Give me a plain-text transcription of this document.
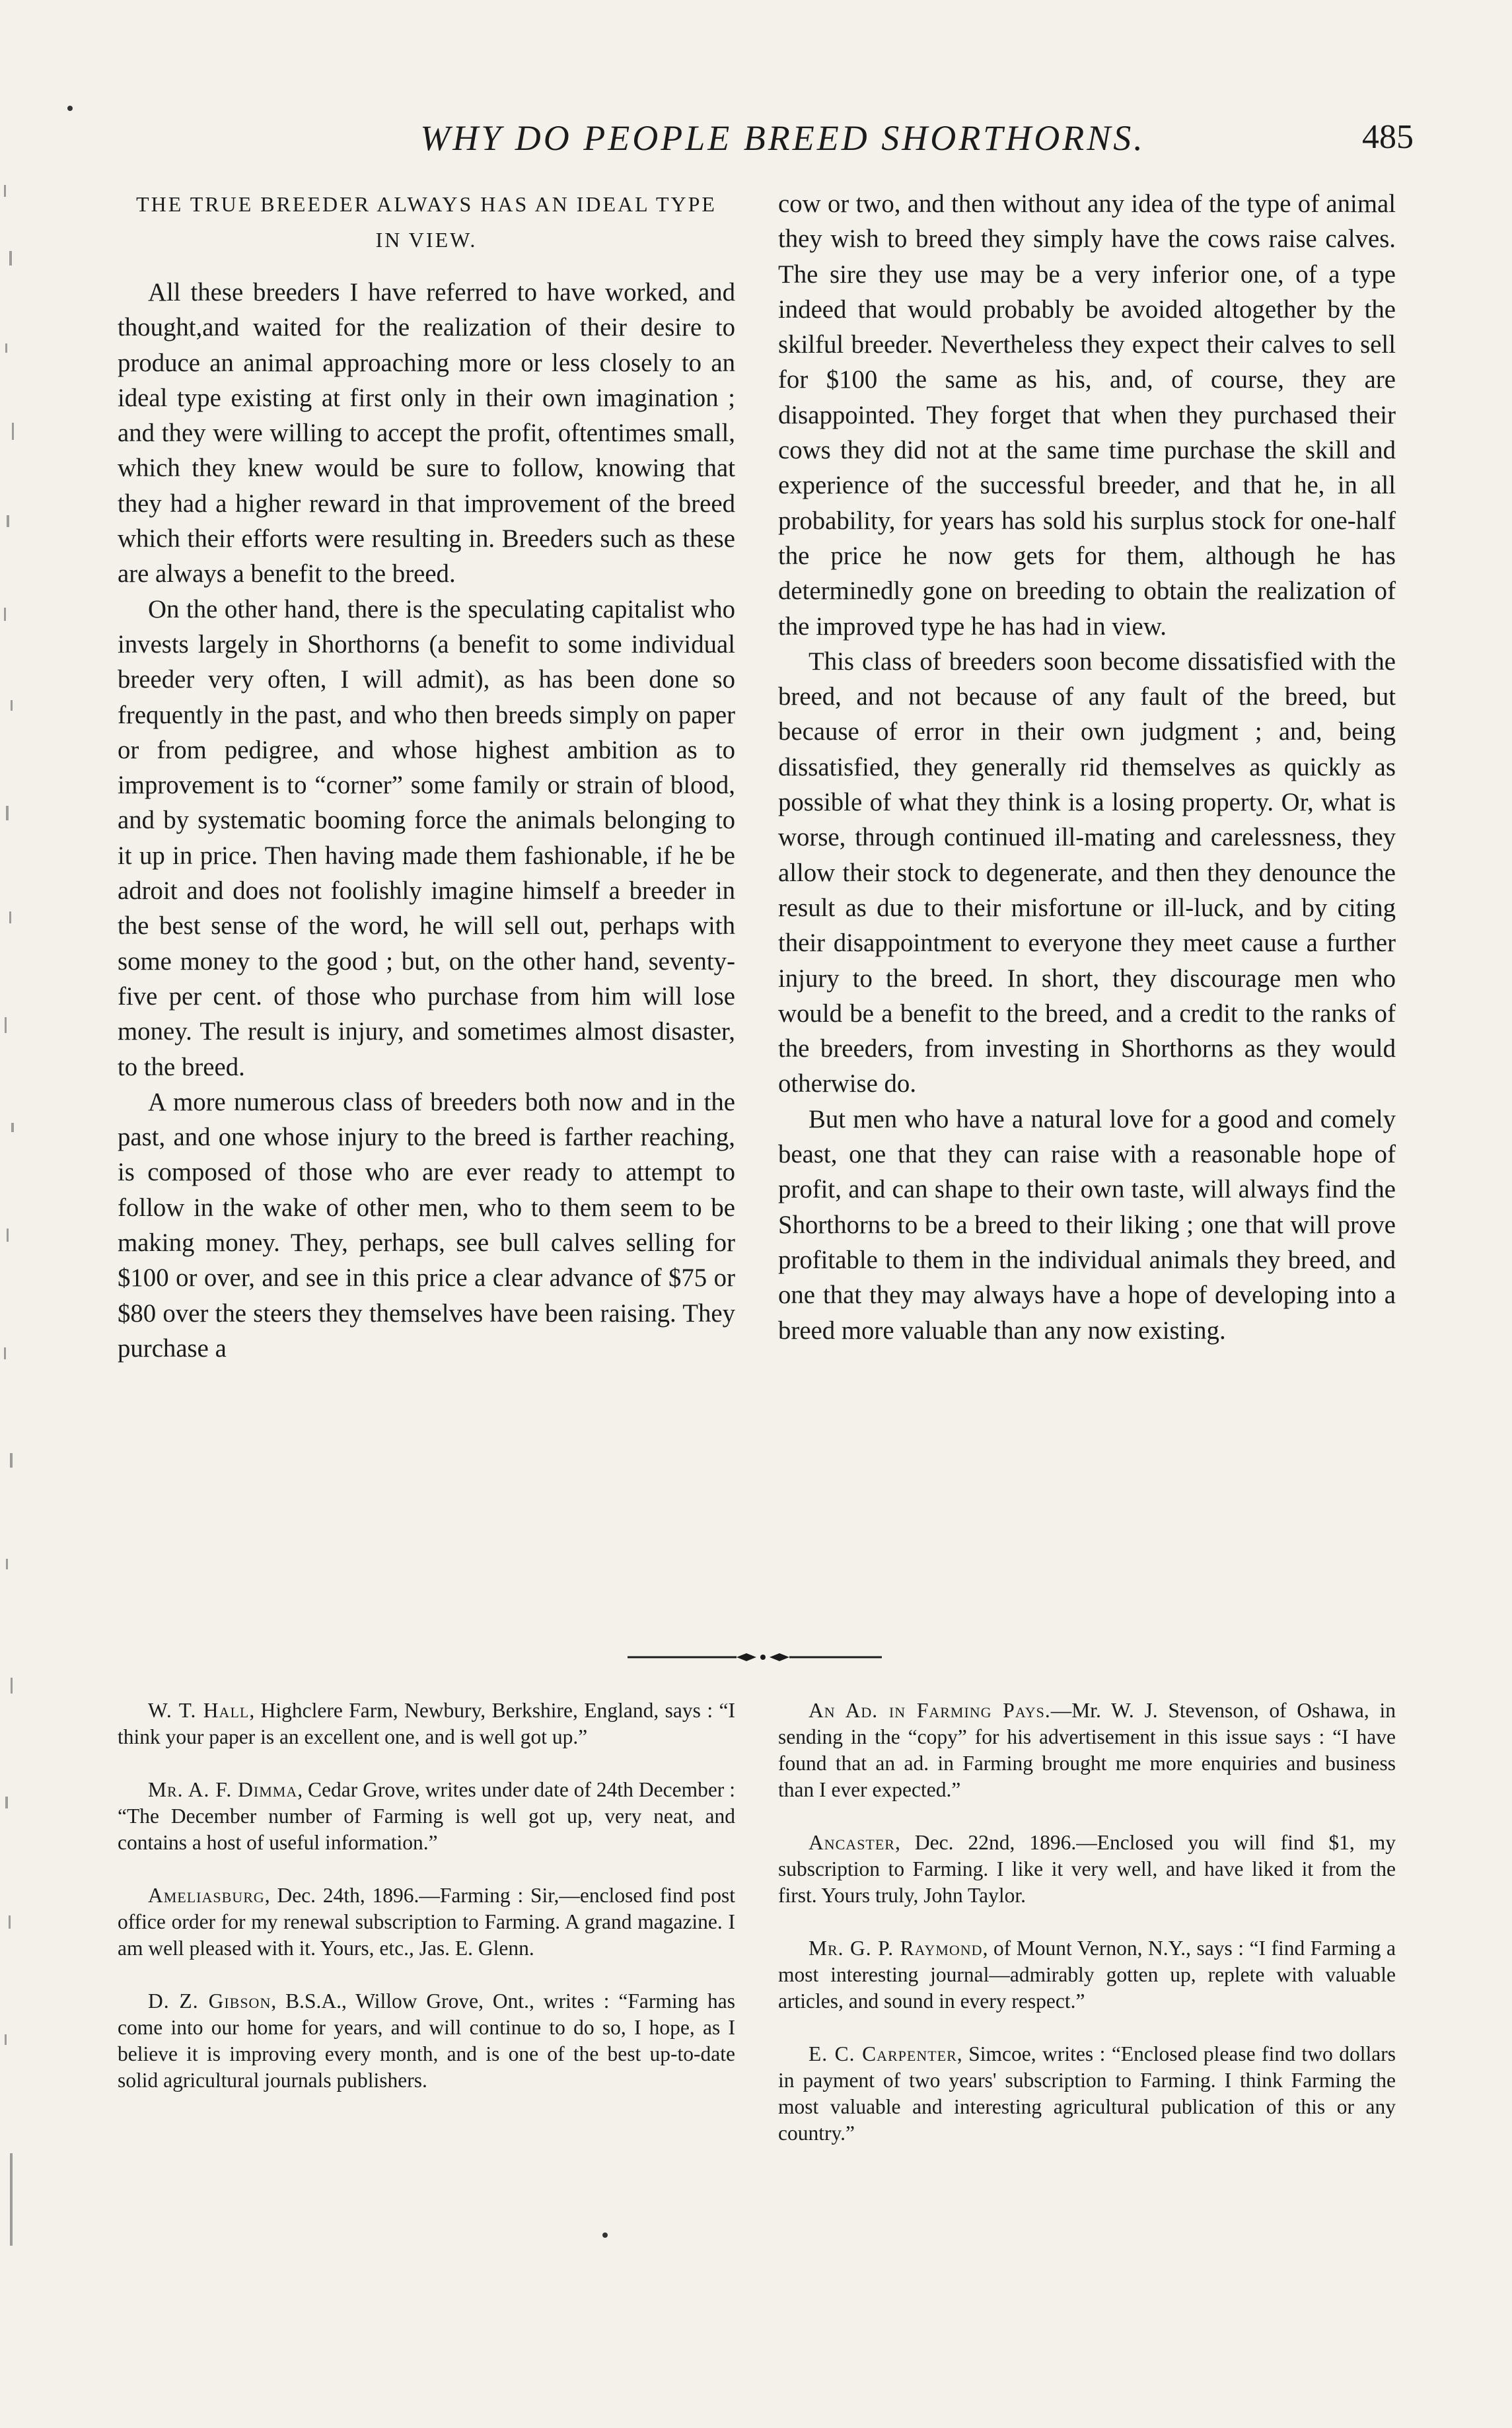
WHY DO PEOPLE BREED SHORTHORNS.	485
THE TRUE BREEDER ALWAYS HAS AN IDEAL TYPE IN VIEW.

All these breeders I have referred to have worked, and thought,and waited for the realization of their desire to produce an animal approaching more or less closely to an ideal type existing at first only in their own imagination ; and they were willing to accept the profit, oftentimes small, which they knew would be sure to follow, knowing that they had a higher reward in that improvement of the breed which their efforts were resulting in. Breeders such as these are always a benefit to the breed.

On the other hand, there is the speculating capitalist who invests largely in Shorthorns (a benefit to some individual breeder very often, I will admit), as has been done so frequently in the past, and who then breeds simply on paper or from pedigree, and whose highest ambition as to improvement is to “corner” some family or strain of blood, and by systematic booming force the animals belonging to it up in price. Then having made them fashionable, if he be adroit and does not foolishly imagine himself a breeder in the best sense of the word, he will sell out, perhaps with some money to the good ; but, on the other hand, seventy-five per cent. of those who purchase from him will lose money. The result is injury, and sometimes almost disaster, to the breed.

A more numerous class of breeders both now and in the past, and one whose injury to the breed is farther reaching, is composed of those who are ever ready to attempt to follow in the wake of other men, who to them seem to be making money. They, perhaps, see bull calves selling for $100 or over, and see in this price a clear advance of $75 or $80 over the steers they themselves have been raising. They purchase a

cow or two, and then without any idea of the type of animal they wish to breed they simply have the cows raise calves. The sire they use may be a very inferior one, of a type indeed that would probably be avoided altogether by the skilful breeder. Nevertheless they expect their calves to sell for $100 the same as his, and, of course, they are disappointed. They forget that when they purchased their cows they did not at the same time purchase the skill and experience of the successful breeder, and that he, in all probability, for years has sold his surplus stock for one-half the price he now gets for them, although he has determinedly gone on breeding to obtain the realization of the improved type he has had in view.

This class of breeders soon become dissatisfied with the breed, and not because of any fault of the breed, but because of error in their own judgment ; and, being dissatisfied, they generally rid themselves as quickly as possible of what they think is a losing property. Or, what is worse, through continued ill-mating and carelessness, they allow their stock to degenerate, and then they denounce the result as due to their misfortune or ill-luck, and by citing their disappointment to everyone they meet cause a further injury to the breed. In short, they discourage men who would be a benefit to the breed, and a credit to the ranks of the breeders, from investing in Shorthorns as they would otherwise do.

But men who have a natural love for a good and comely beast, one that they can raise with a reasonable hope of profit, and can shape to their own taste, will always find the Shorthorns to be a breed to their liking ; one that will prove profitable to them in the individual animals they breed, and one that they may always have a hope of developing into a breed more valuable than any now existing.

W. T. Hall, Highclere Farm, Newbury, Berkshire, England, says : “I think your paper is an excellent one, and is well got up.”

Mr. A. F. Dimma, Cedar Grove, writes under date of 24th December : “The December number of Farming is well got up, very neat, and contains a host of useful information.”

Ameliasburg, Dec. 24th, 1896.—Farming : Sir,—enclosed find post office order for my renewal subscription to Farming. A grand magazine. I am well pleased with it. Yours, etc., Jas. E. Glenn.

D. Z. Gibson, B.S.A., Willow Grove, Ont., writes : “Farming has come into our home for years, and will continue to do so, I hope, as I believe it is improving every month, and is one of the best up-to-date solid agricultural journals publishers.

An Ad. in Farming Pays.—Mr. W. J. Stevenson, of Oshawa, in sending in the “copy” for his advertisement in this issue says : “I have found that an ad. in Farming brought me more enquiries and business than I ever expected.”

Ancaster, Dec. 22nd, 1896.—Enclosed you will find $1, my subscription to Farming. I like it very well, and have liked it from the first. Yours truly, John Taylor.

Mr. G. P. Raymond, of Mount Vernon, N.Y., says : “I find Farming a most interesting journal—admirably gotten up, replete with valuable articles, and sound in every respect.”

E. C. Carpenter, Simcoe, writes : “Enclosed please find two dollars in payment of two years' subscription to Farming. I think Farming the most valuable and interesting agricultural publication of this or any country.”
